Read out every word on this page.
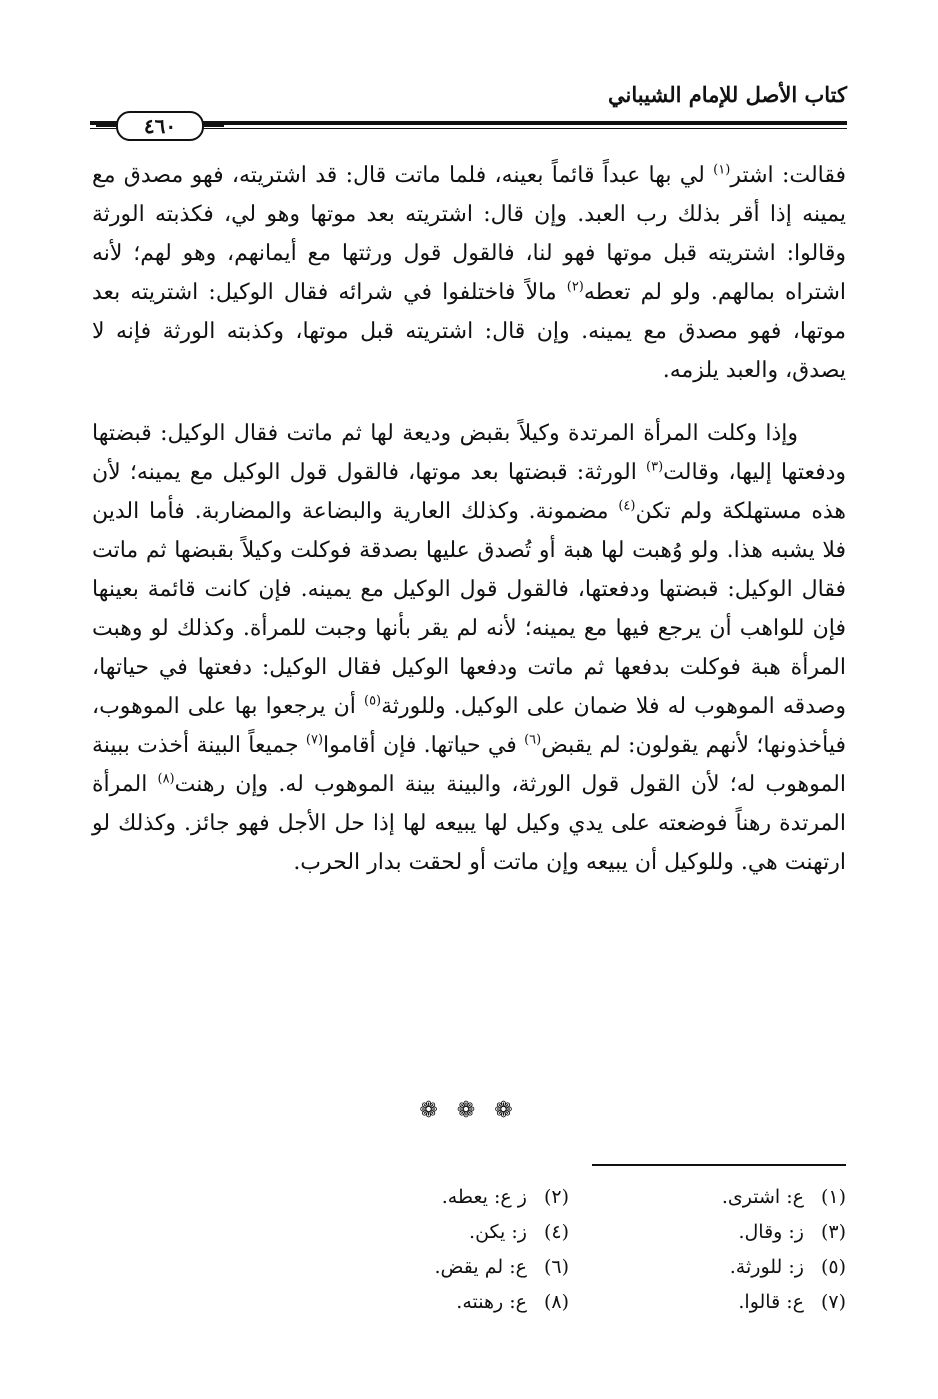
كتاب الأصل للإمام الشيباني
٤٦٠

فقالت: اشتر$^{(١)}$ لي بها عبداً قائماً بعينه، فلما ماتت قال: قد اشتريته، فهو مصدق مع يمينه إذا أقر بذلك رب العبد. وإن قال: اشتريته بعد موتها وهو لي، فكذبته الورثة وقالوا: اشتريته قبل موتها فهو لنا، فالقول قول ورثتها مع أيمانهم، وهو لهم؛ لأنه اشتراه بمالهم. ولو لم تعطه$^{(٢)}$ مالاً فاختلفوا في شرائه فقال الوكيل: اشتريته بعد موتها، فهو مصدق مع يمينه. وإن قال: اشتريته قبل موتها، وكذبته الورثة فإنه لا يصدق، والعبد يلزمه.

وإذا وكلت المرأة المرتدة وكيلاً بقبض وديعة لها ثم ماتت فقال الوكيل: قبضتها ودفعتها إليها، وقالت$^{(٣)}$ الورثة: قبضتها بعد موتها، فالقول قول الوكيل مع يمينه؛ لأن هذه مستهلكة ولم تكن$^{(٤)}$ مضمونة. وكذلك العارية والبضاعة والمضاربة. فأما الدين فلا يشبه هذا. ولو وُهبت لها هبة أو تُصدق عليها بصدقة فوكلت وكيلاً بقبضها ثم ماتت فقال الوكيل: قبضتها ودفعتها، فالقول قول الوكيل مع يمينه. فإن كانت قائمة بعينها فإن للواهب أن يرجع فيها مع يمينه؛ لأنه لم يقر بأنها وجبت للمرأة. وكذلك لو وهبت المرأة هبة فوكلت بدفعها ثم ماتت ودفعها الوكيل فقال الوكيل: دفعتها في حياتها، وصدقه الموهوب له فلا ضمان على الوكيل. وللورثة$^{(٥)}$ أن يرجعوا بها على الموهوب، فيأخذونها؛ لأنهم يقولون: لم يقبض$^{(٦)}$ في حياتها. فإن أقاموا$^{(٧)}$ جميعاً البينة أخذت ببينة الموهوب له؛ لأن القول قول الورثة، والبينة بينة الموهوب له. وإن رهنت$^{(٨)}$ المرأة المرتدة رهناً فوضعته على يدي وكيل لها يبيعه لها إذا حل الأجل فهو جائز. وكذلك لو ارتهنت هي. وللوكيل أن يبيعه وإن ماتت أو لحقت بدار الحرب.

❁ ❁ ❁
(١) ع: اشترى.
(٢) ز ع: يعطه.
(٣) ز: وقال.
(٤) ز: يكن.
(٥) ز: للورثة.
(٦) ع: لم يقض.
(٧) ع: قالوا.
(٨) ع: رهنته.
